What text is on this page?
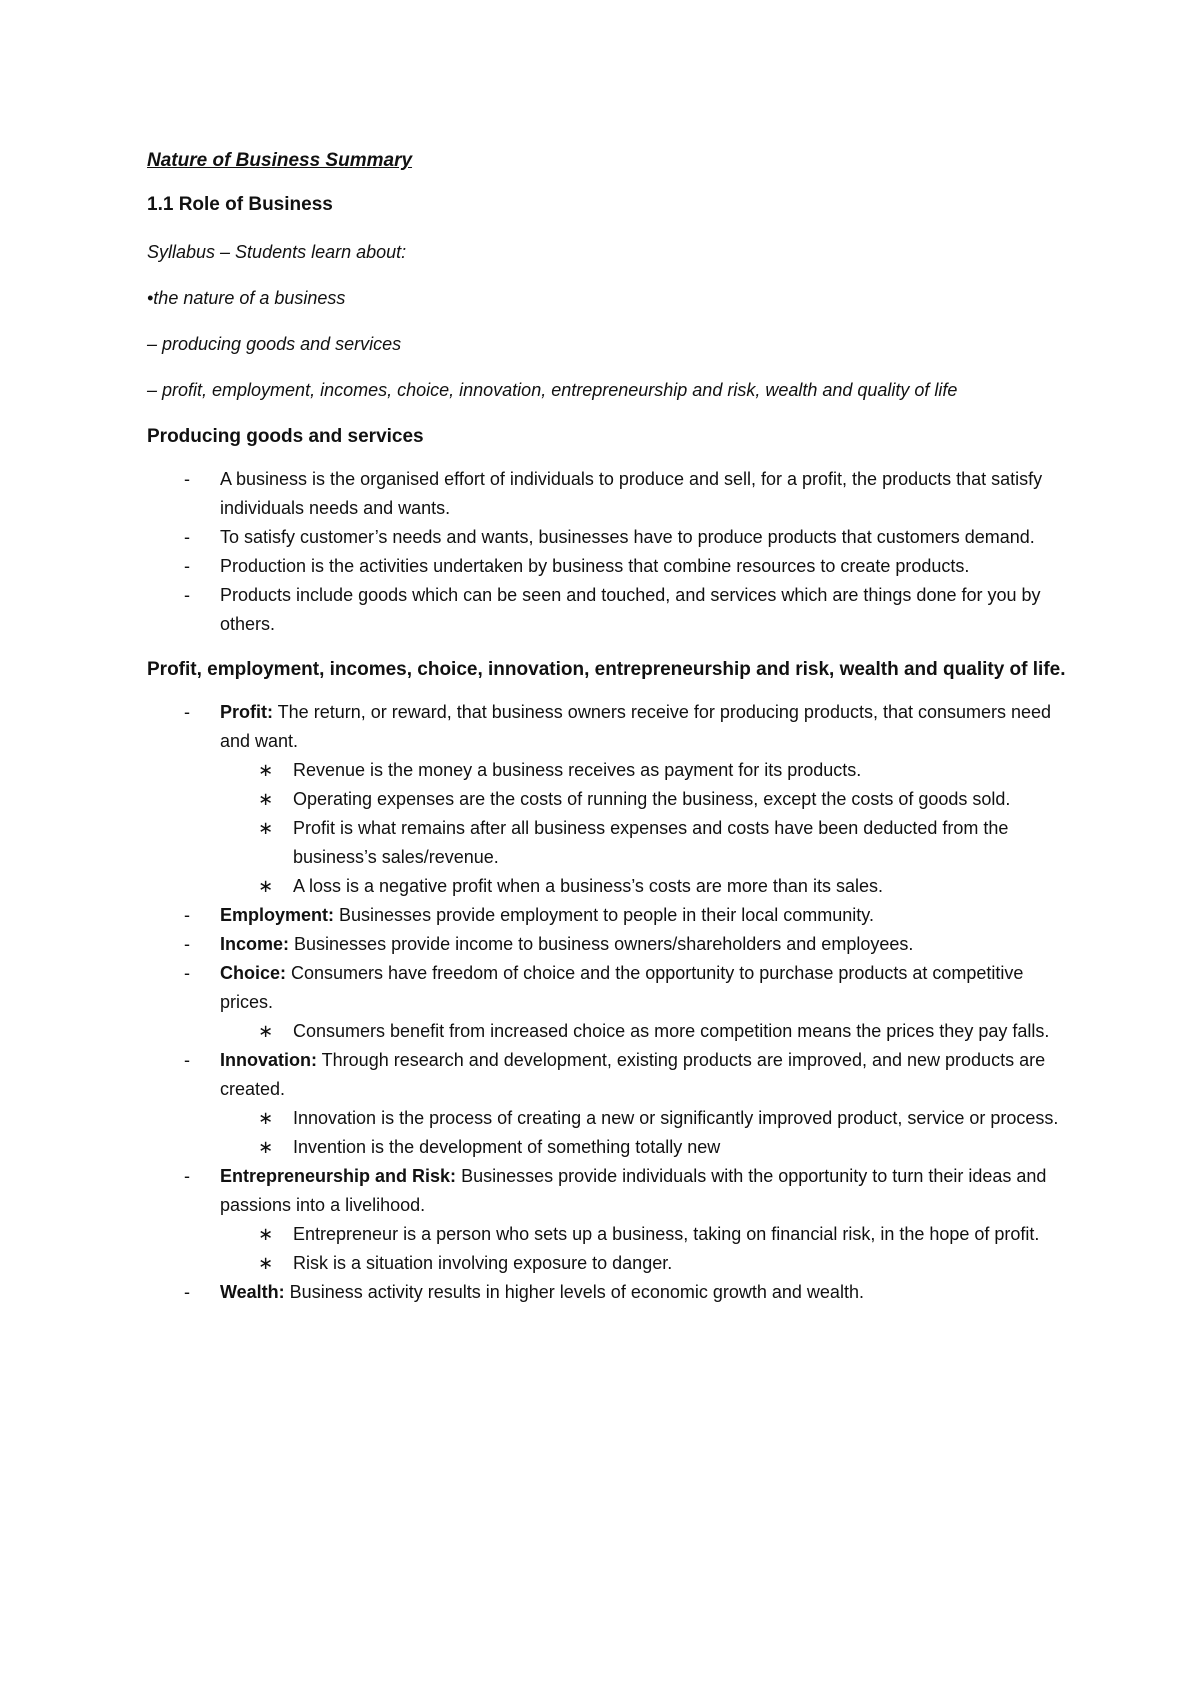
Nature of Business Summary
1.1 Role of Business
Syllabus – Students learn about:
•the nature of a business
– producing goods and services
– profit, employment, incomes, choice, innovation, entrepreneurship and risk, wealth and quality of life
Producing goods and services
- A business is the organised effort of individuals to produce and sell, for a profit, the products that satisfy individuals needs and wants.
- To satisfy customer’s needs and wants, businesses have to produce products that customers demand.
- Production is the activities undertaken by business that combine resources to create products.
- Products include goods which can be seen and touched, and services which are things done for you by others.
Profit, employment, incomes, choice, innovation, entrepreneurship and risk, wealth and quality of life.
- Profit: The return, or reward, that business owners receive for producing products, that consumers need and want.
∗ Revenue is the money a business receives as payment for its products.
∗ Operating expenses are the costs of running the business, except the costs of goods sold.
∗ Profit is what remains after all business expenses and costs have been deducted from the business’s sales/revenue.
∗ A loss is a negative profit when a business’s costs are more than its sales.
- Employment: Businesses provide employment to people in their local community.
- Income: Businesses provide income to business owners/shareholders and employees.
- Choice: Consumers have freedom of choice and the opportunity to purchase products at competitive prices.
∗ Consumers benefit from increased choice as more competition means the prices they pay falls.
- Innovation: Through research and development, existing products are improved, and new products are created.
∗ Innovation is the process of creating a new or significantly improved product, service or process.
∗ Invention is the development of something totally new
- Entrepreneurship and Risk: Businesses provide individuals with the opportunity to turn their ideas and passions into a livelihood.
∗ Entrepreneur is a person who sets up a business, taking on financial risk, in the hope of profit.
∗ Risk is a situation involving exposure to danger.
- Wealth: Business activity results in higher levels of economic growth and wealth.
